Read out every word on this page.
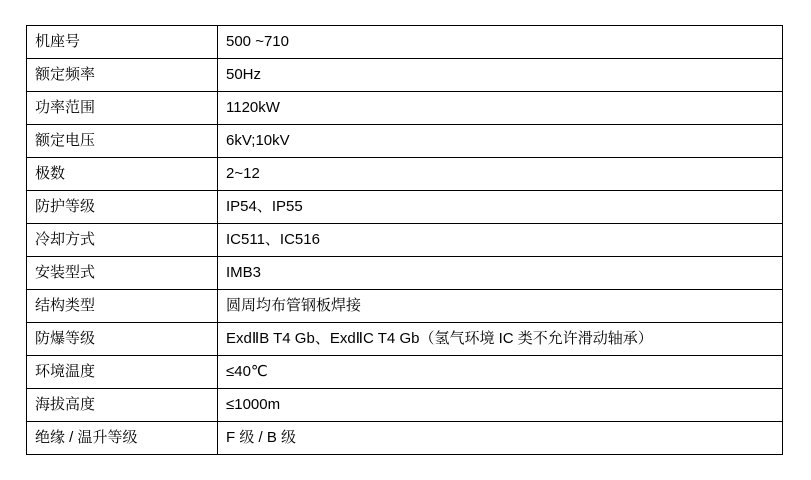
机座号	500 ~710
额定频率	50Hz
功率范围	1120kW
额定电压	6kV;10kV
极数	2~12
防护等级	IP54、IP55
冷却方式	IC511、IC516
安装型式	IMB3
结构类型	圆周均布管钢板焊接
防爆等级	ExdⅡB T4 Gb、ExdⅡC T4 Gb（氢气环境 IC 类不允许滑动轴承）
环境温度	≤40℃
海拔高度	≤1000m
绝缘 / 温升等级	F 级 / B 级
